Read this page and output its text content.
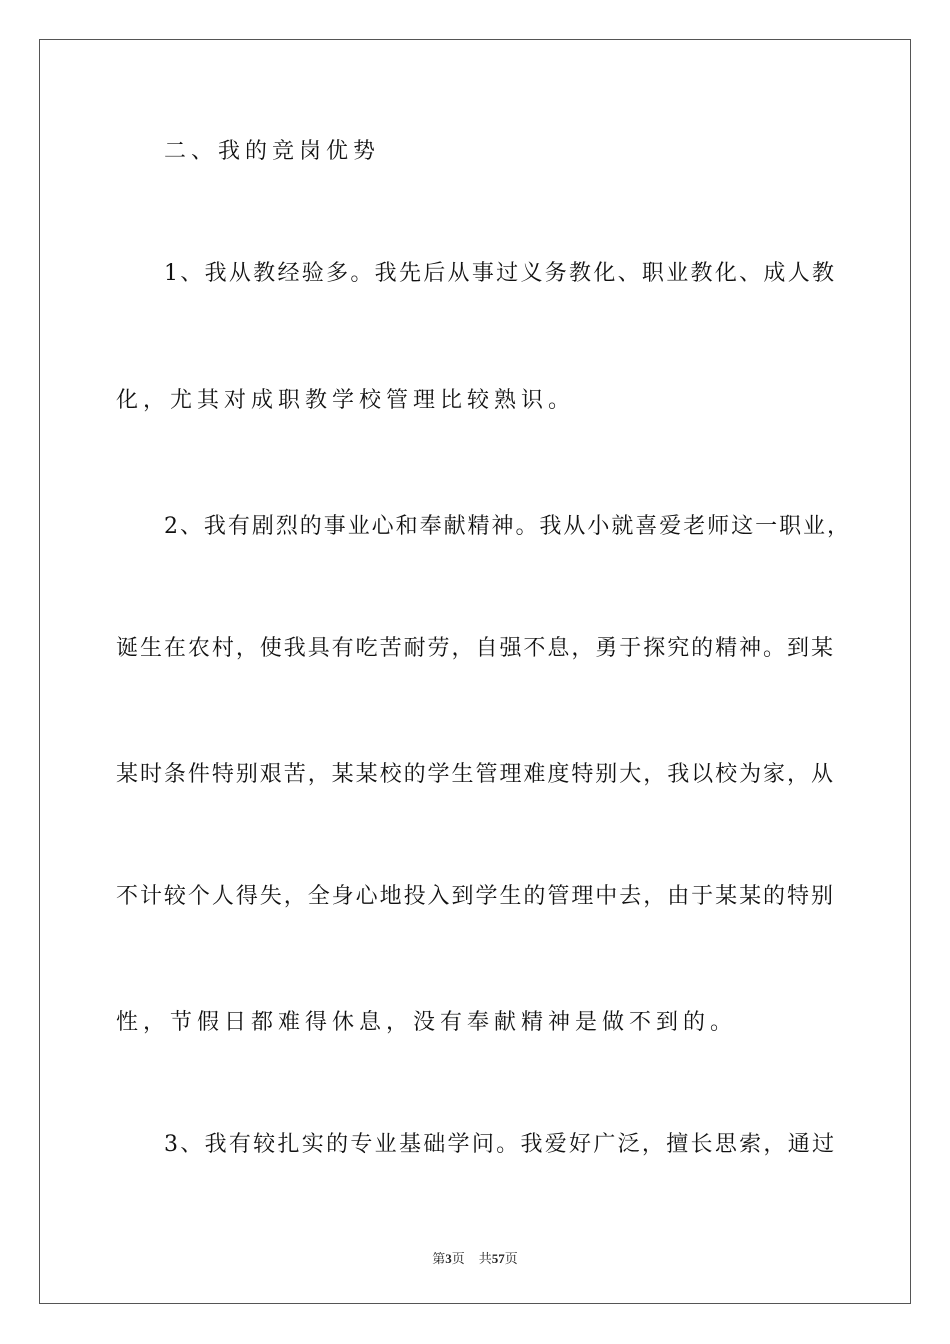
二、我的竞岗优势
1、我从教经验多。我先后从事过义务教化、职业教化、成人教
化，尤其对成职教学校管理比较熟识。
2、我有剧烈的事业心和奉献精神。我从小就喜爱老师这一职业，
诞生在农村，使我具有吃苦耐劳，自强不息，勇于探究的精神。到某
某时条件特别艰苦，某某校的学生管理难度特别大，我以校为家，从
不计较个人得失，全身心地投入到学生的管理中去，由于某某的特别
性，节假日都难得休息，没有奉献精神是做不到的。
3、我有较扎实的专业基础学问。我爱好广泛，擅长思索，通过
第3页 共57页
